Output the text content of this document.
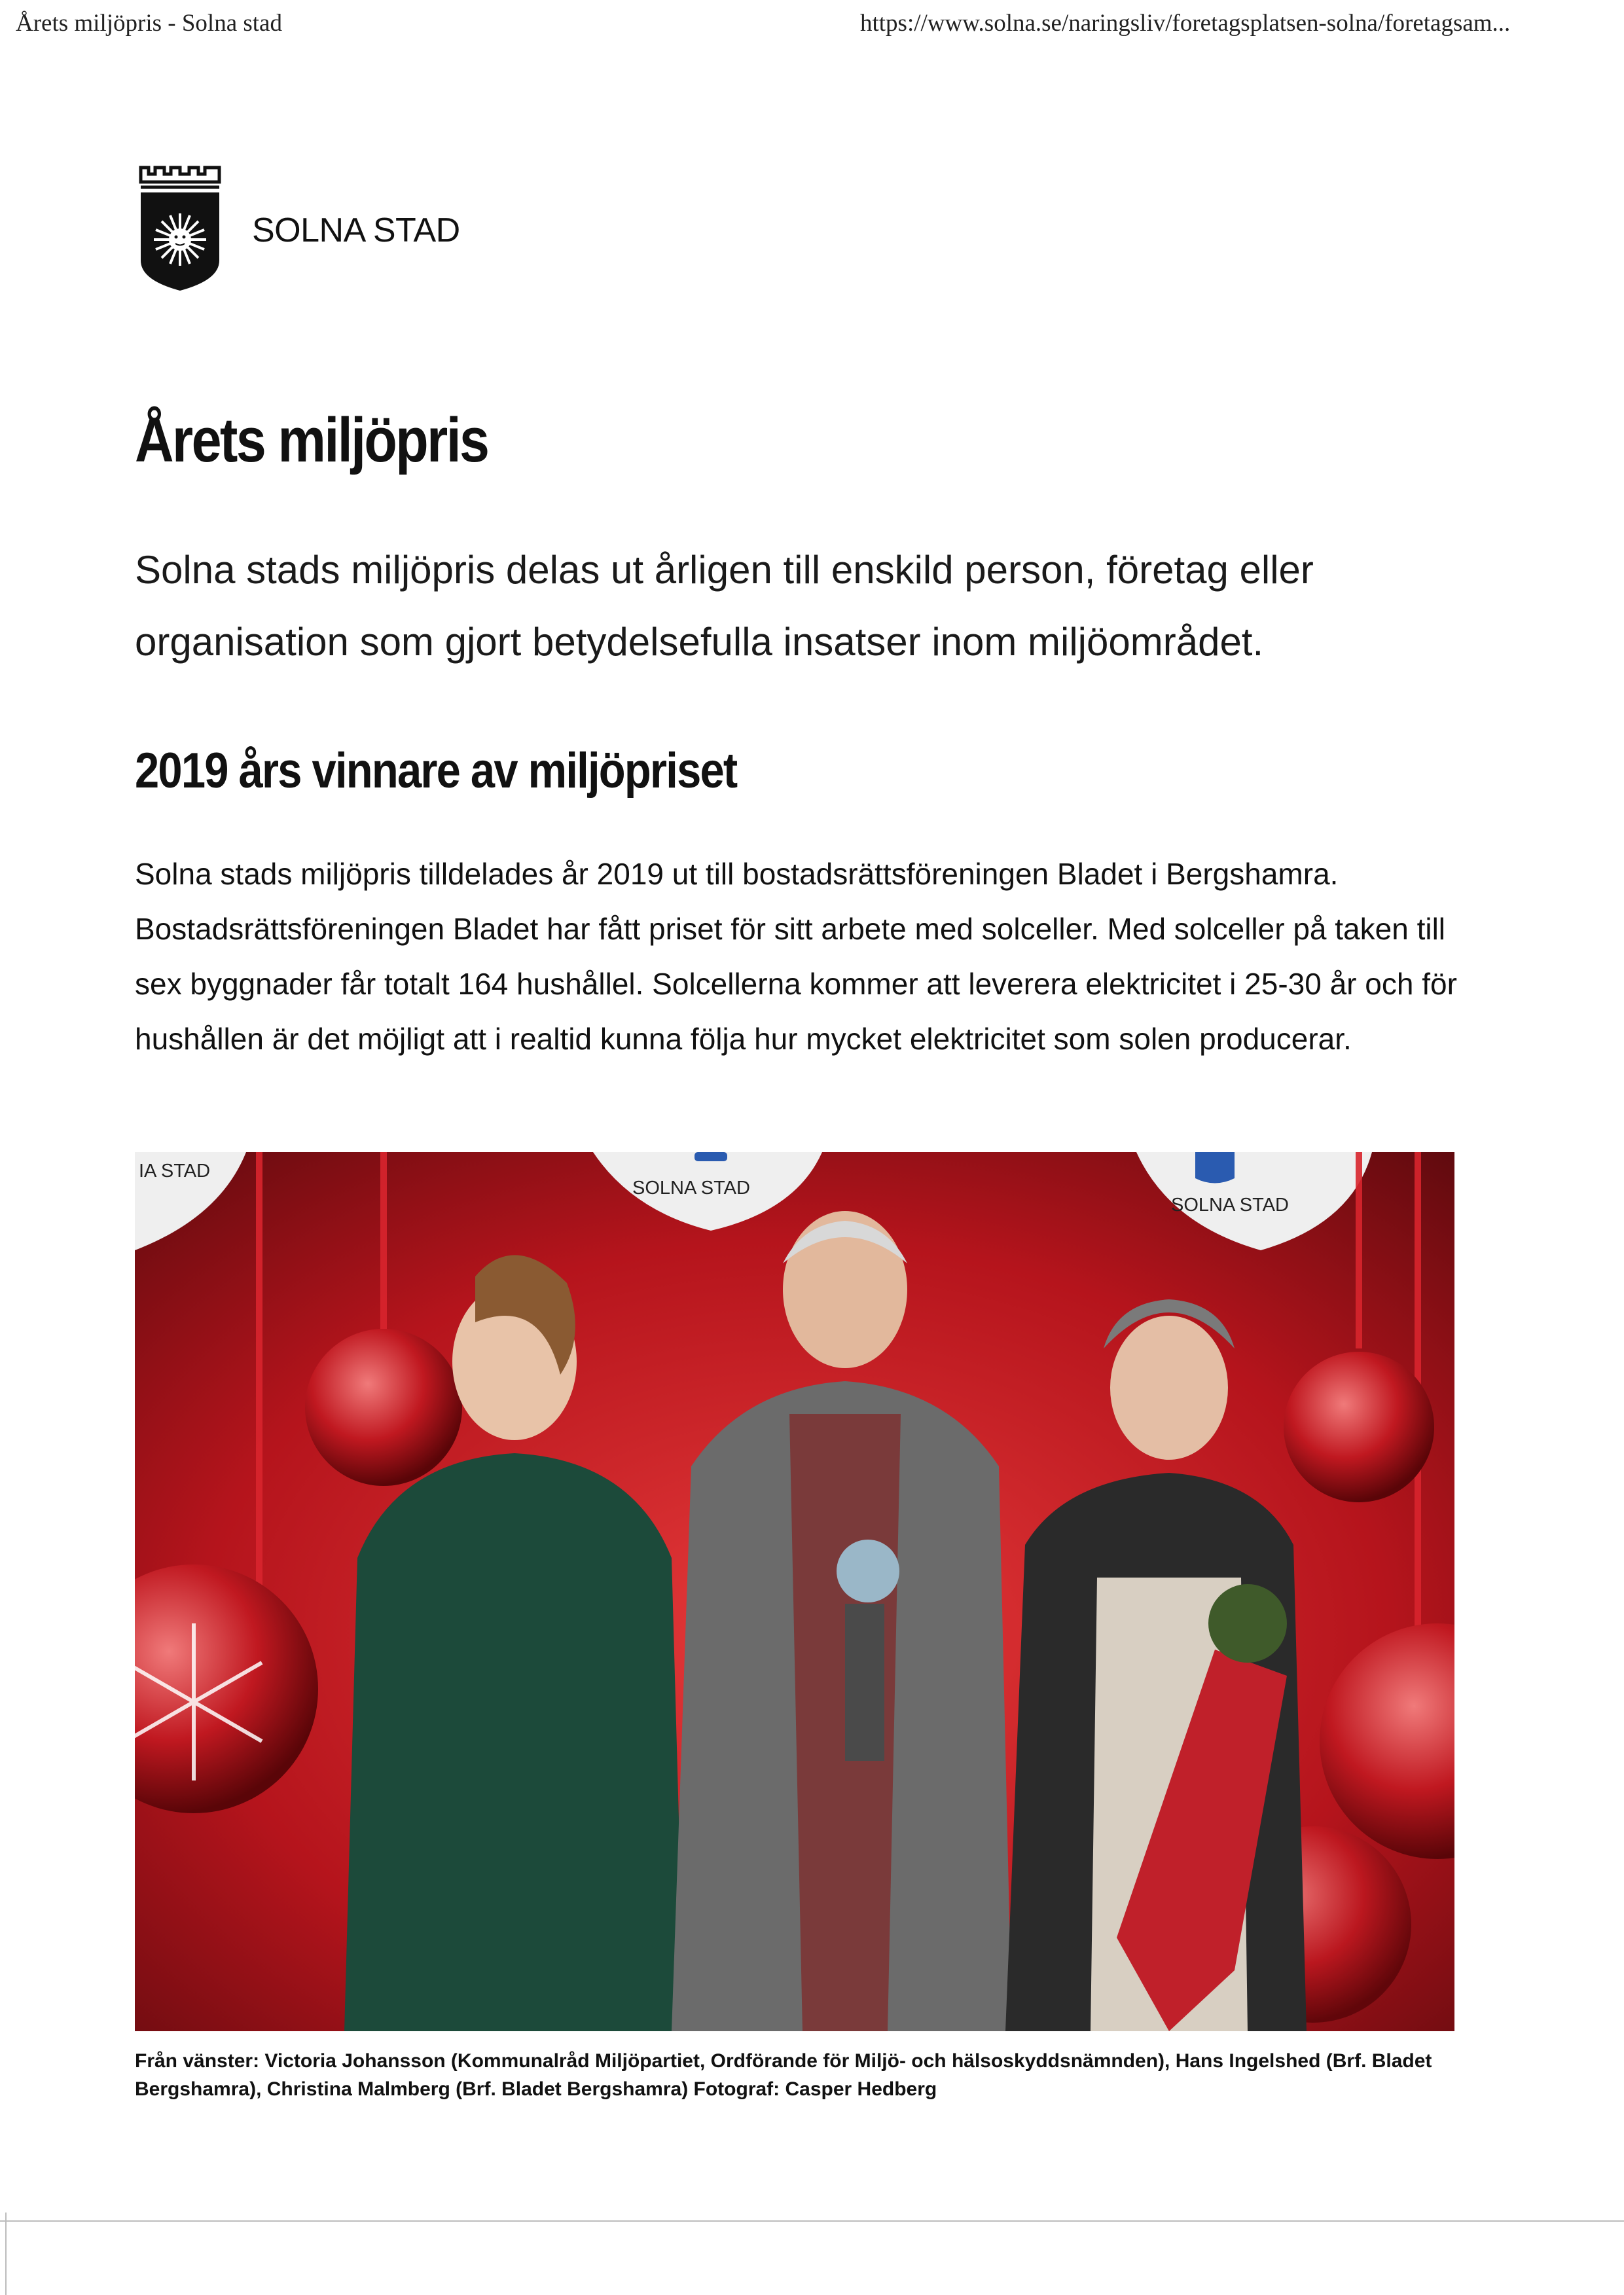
Årets miljöpris - Solna stad	https://www.solna.se/naringsliv/foretagsplatsen-solna/foretagsam...
SOLNA STAD
Årets miljöpris

Solna stads miljöpris delas ut årligen till enskild person, företag eller organisation som gjort betydelsefulla insatser inom miljöområdet.

2019 års vinnare av miljöpriset

Solna stads miljöpris tilldelades år 2019 ut till bostadsrättsföreningen Bladet i Bergshamra. Bostadsrättsföreningen Bladet har fått priset för sitt arbete med solceller. Med solceller på taken till sex byggnader får totalt 164 hushållel. Solcellerna kommer att leverera elektricitet i 25-30 år och för hushållen är det möjligt att i realtid kunna följa hur mycket elektricitet som solen producerar.

IA STAD
SOLNA STAD
SOLNA STAD

Från vänster: Victoria Johansson (Kommunalråd Miljöpartiet, Ordförande för Miljö- och hälsoskyddsnämnden), Hans Ingelshed (Brf. Bladet Bergshamra), Christina Malmberg (Brf. Bladet Bergshamra) Fotograf: Casper Hedberg
